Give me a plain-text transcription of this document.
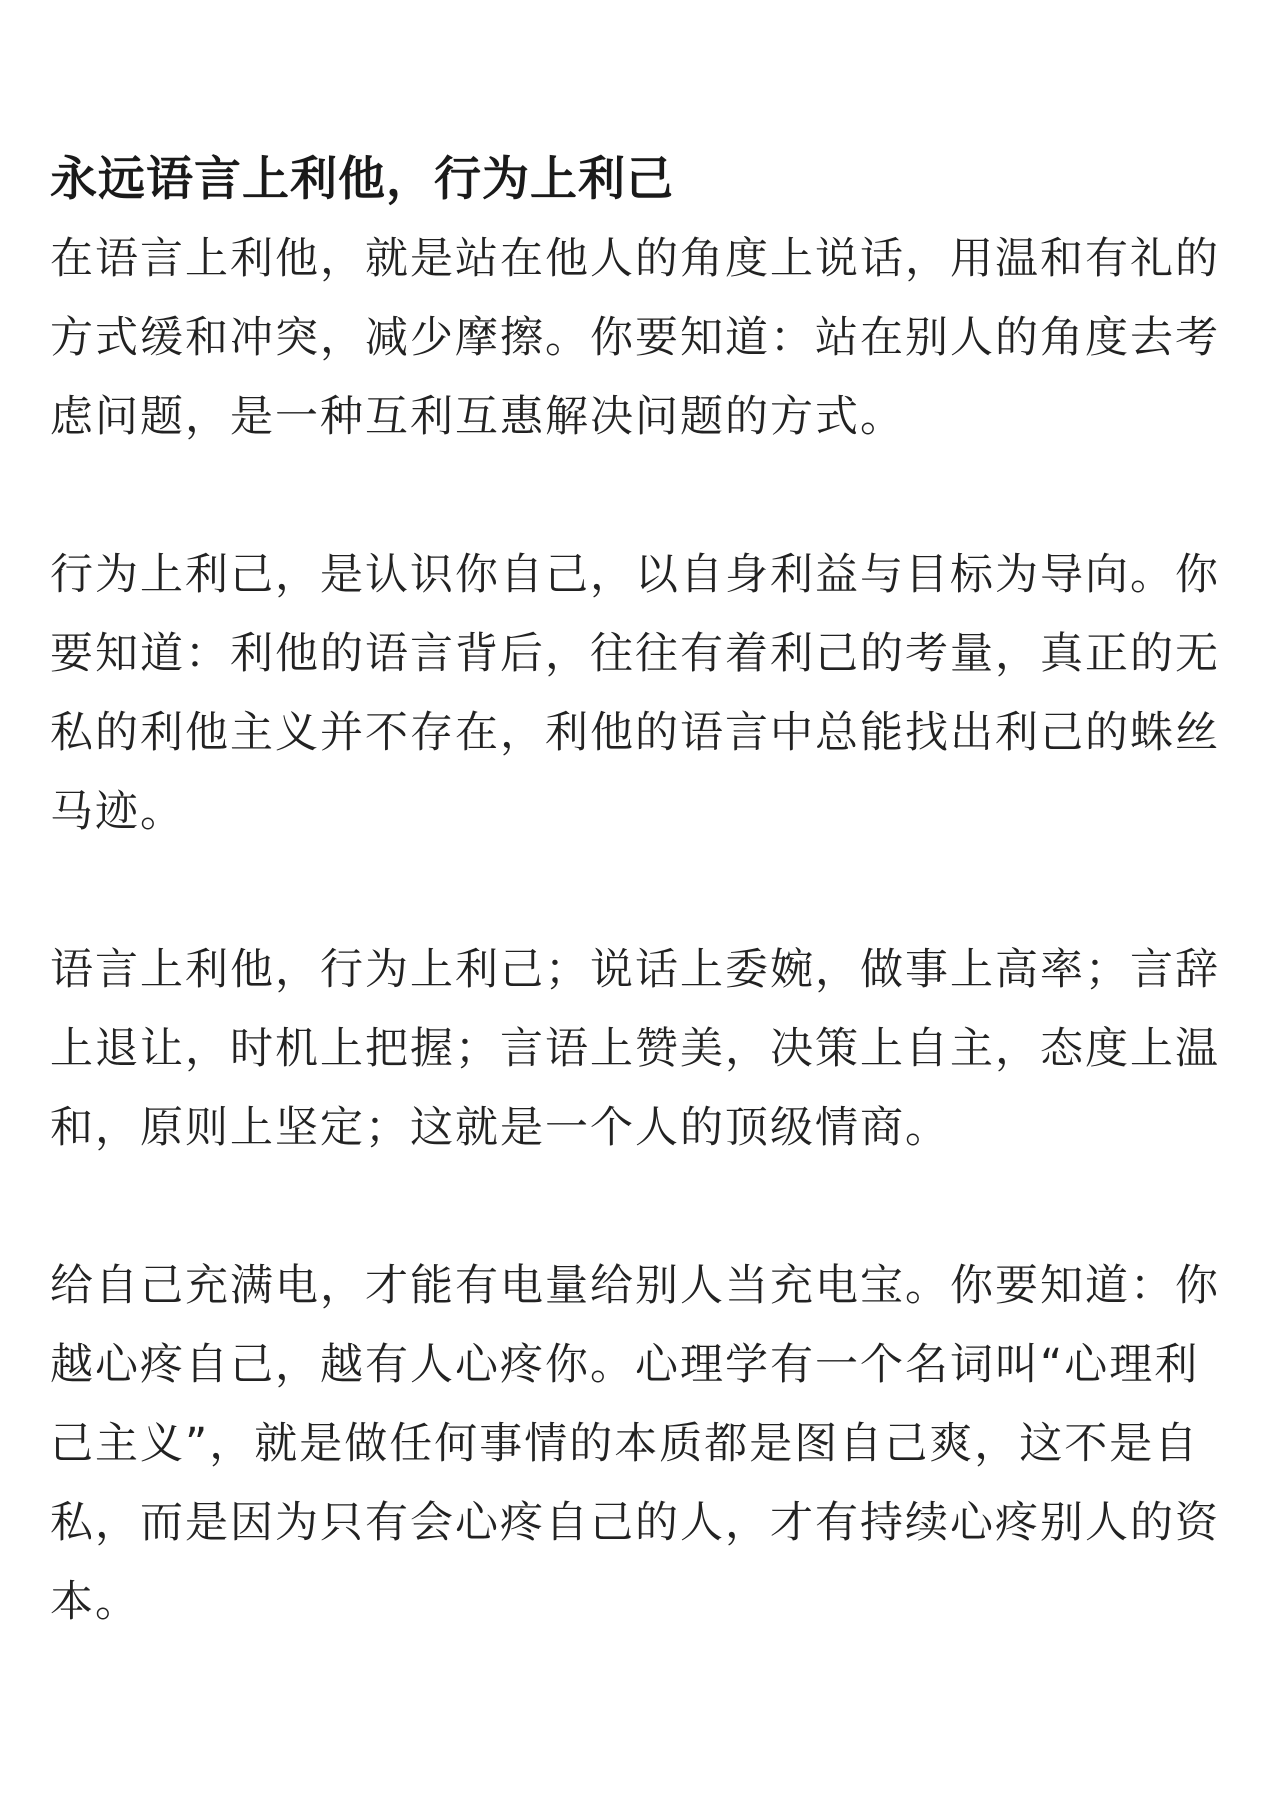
永远语言上利他，行为上利己

在语言上利他，就是站在他人的角度上说话，用温和有礼的方式缓和冲突，减少摩擦。你要知道：站在别人的角度去考虑问题，是一种互利互惠解决问题的方式。

行为上利己，是认识你自己，以自身利益与目标为导向。你要知道：利他的语言背后，往往有着利己的考量，真正的无私的利他主义并不存在，利他的语言中总能找出利己的蛛丝马迹。

语言上利他，行为上利己；说话上委婉，做事上高率；言辞上退让，时机上把握；言语上赞美，决策上自主，态度上温和，原则上坚定；这就是一个人的顶级情商。

给自己充满电，才能有电量给别人当充电宝。你要知道：你越心疼自己，越有人心疼你。心理学有一个名词叫“心理利己主义”，就是做任何事情的本质都是图自己爽，这不是自私，而是因为只有会心疼自己的人，才有持续心疼别人的资本。
